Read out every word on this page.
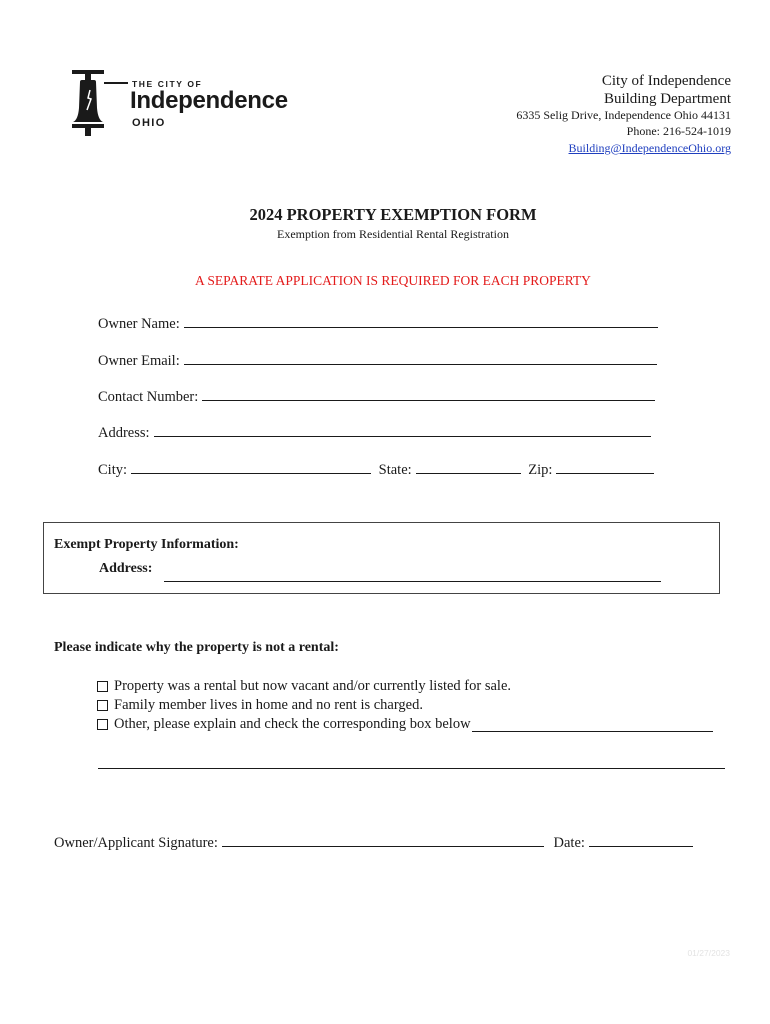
THE CITY OF
Independence
OHIO
City of Independence
Building Department
6335 Selig Drive, Independence Ohio 44131
Phone: 216-524-1019
Building@IndependenceOhio.org
2024 PROPERTY EXEMPTION FORM
Exemption from Residential Rental Registration
A SEPARATE APPLICATION IS REQUIRED FOR EACH PROPERTY
Owner Name:
Owner Email:
Contact Number:
Address:
City:	State:	Zip:
Exempt Property Information:
Address:
Please indicate why the property is not a rental:
Property was a rental but now vacant and/or currently listed for sale.
Family member lives in home and no rent is charged.
Other, please explain and check the corresponding box below
Owner/Applicant Signature:	Date:
01/27/2023
